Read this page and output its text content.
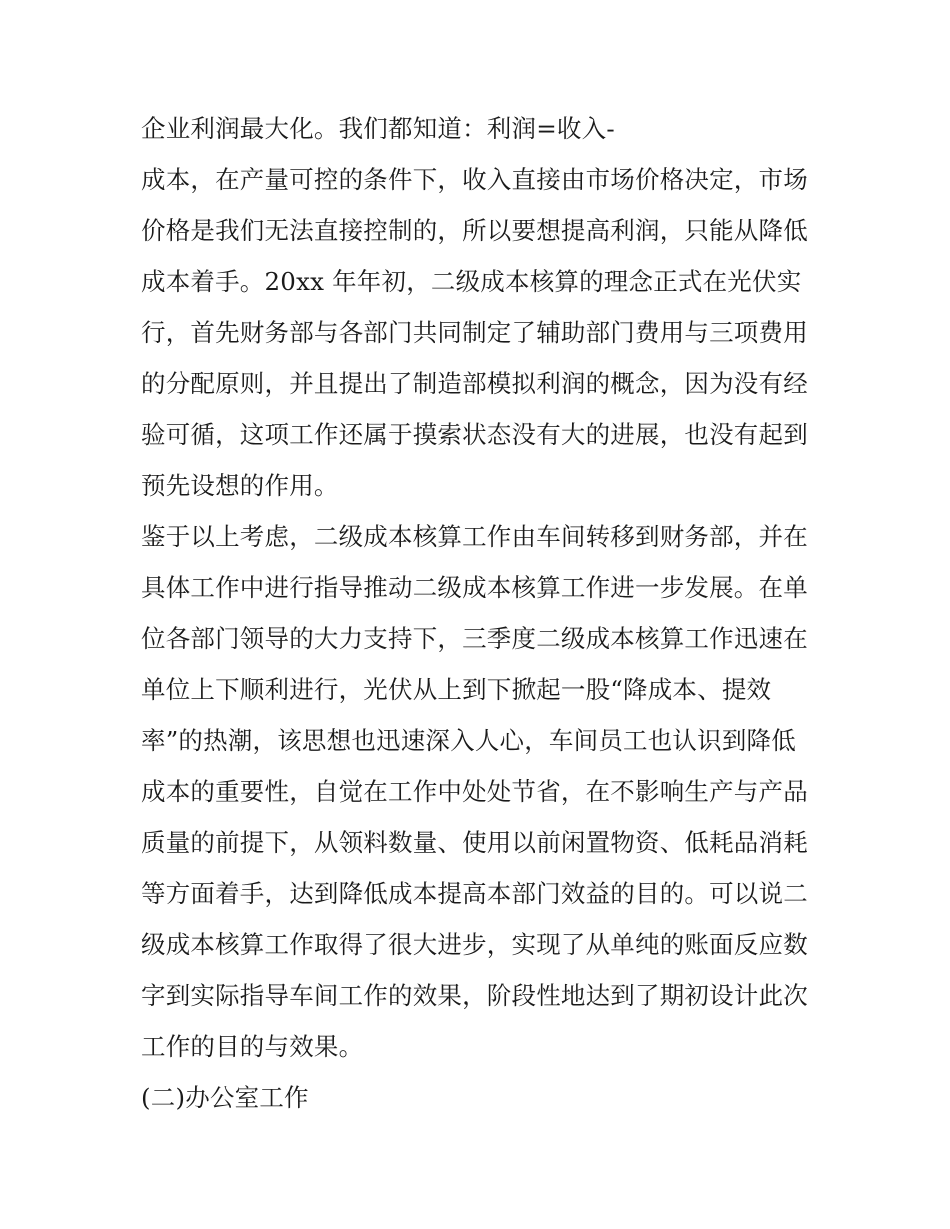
企业利润最大化。我们都知道：利润=收入-
成本，在产量可控的条件下，收入直接由市场价格决定，市场
价格是我们无法直接控制的，所以要想提高利润，只能从降低
成本着手。20xx 年年初，二级成本核算的理念正式在光伏实
行，首先财务部与各部门共同制定了辅助部门费用与三项费用
的分配原则，并且提出了制造部模拟利润的概念，因为没有经
验可循，这项工作还属于摸索状态没有大的进展，也没有起到
预先设想的作用。
鉴于以上考虑，二级成本核算工作由车间转移到财务部，并在
具体工作中进行指导推动二级成本核算工作进一步发展。在单
位各部门领导的大力支持下，三季度二级成本核算工作迅速在
单位上下顺利进行，光伏从上到下掀起一股“降成本、提效
率”的热潮，该思想也迅速深入人心，车间员工也认识到降低
成本的重要性，自觉在工作中处处节省，在不影响生产与产品
质量的前提下，从领料数量、使用以前闲置物资、低耗品消耗
等方面着手，达到降低成本提高本部门效益的目的。可以说二
级成本核算工作取得了很大进步，实现了从单纯的账面反应数
字到实际指导车间工作的效果，阶段性地达到了期初设计此次
工作的目的与效果。
(二)办公室工作
